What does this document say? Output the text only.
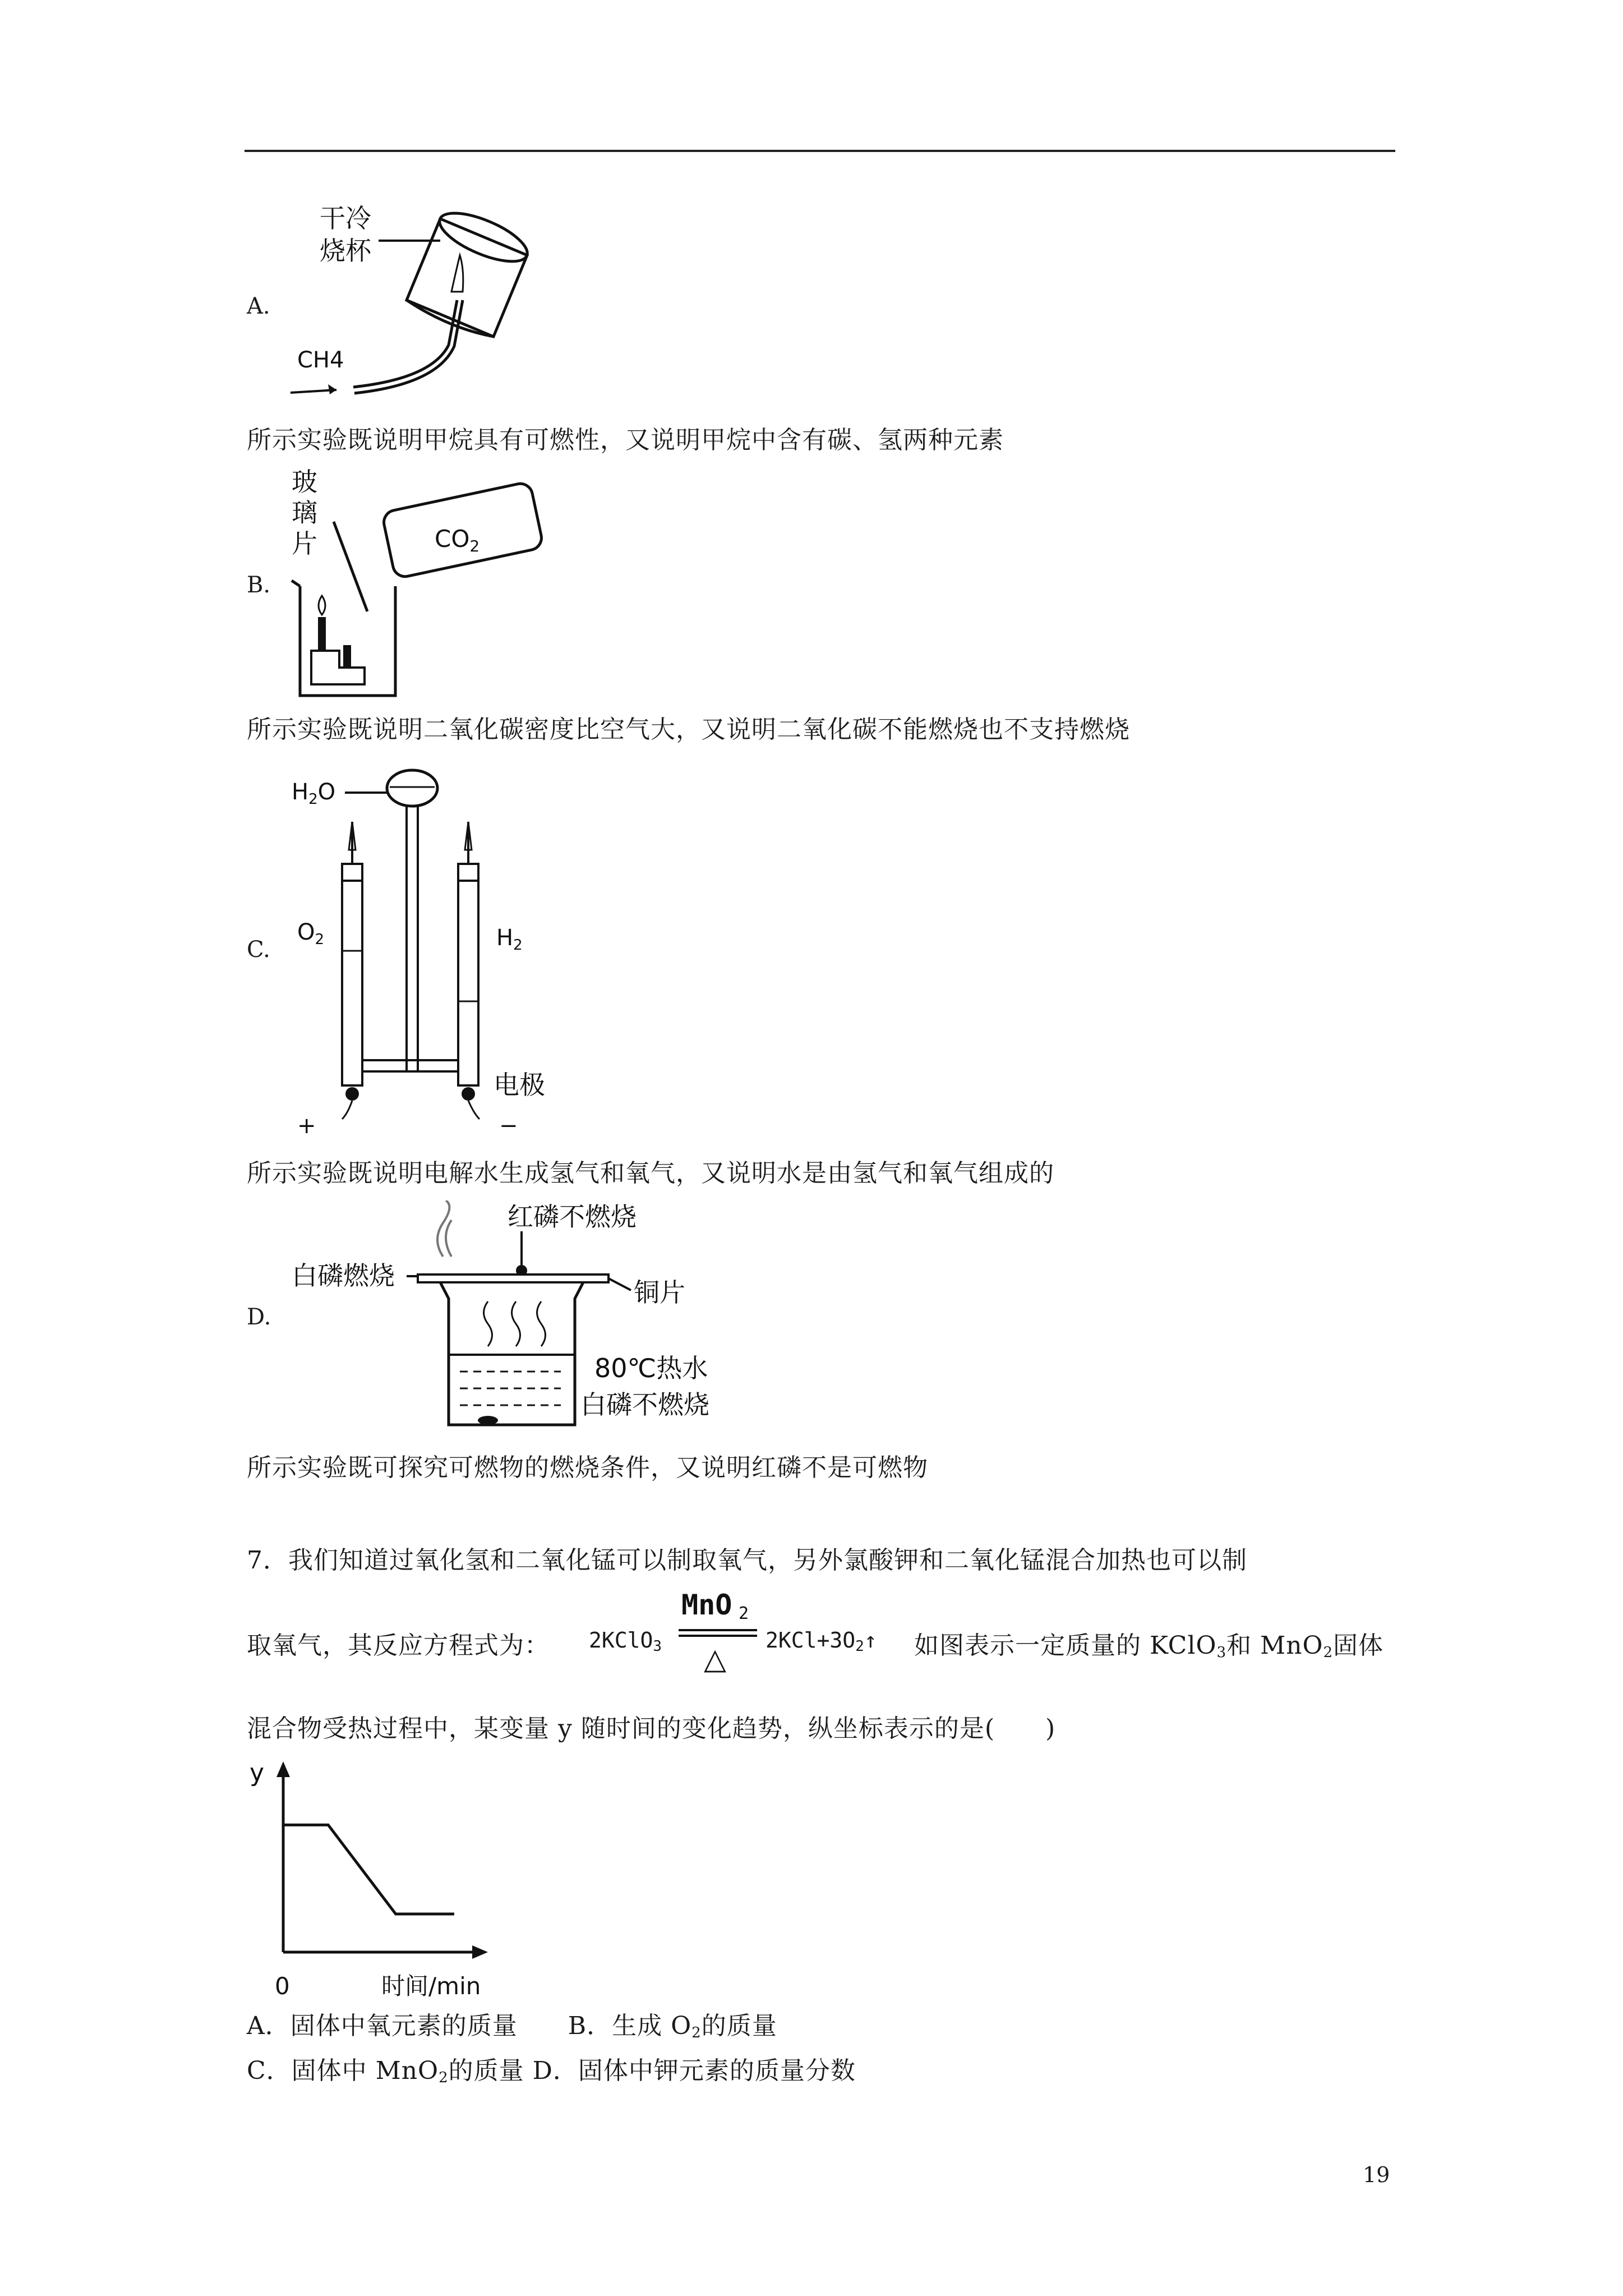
A.
干冷
烧杯
CH4
所示实验既说明甲烷具有可燃性，又说明甲烷中含有碳、氢两种元素
B.
玻
璃
片	CO2
所示实验既说明二氧化碳密度比空气大，又说明二氧化碳不能燃烧也不支持燃烧
C.
$H_2O$
$O_2$	$H_2$
电极
+	−
所示实验既说明电解水生成氢气和氧气，又说明水是由氢气和氧气组成的
D.
红磷不燃烧
白磷燃烧
铜片
80℃热水
白磷不燃烧
所示实验既可探究可燃物的燃烧条件，又说明红磷不是可燃物
7．我们知道过氧化氢和二氧化锰可以制取氧气，另外氯酸钾和二氧化锰混合加热也可以制
取氧气，其反应方程式为： 2KClO$_3$
MnO 2
△
$2KCl+3O_2↑$ 如图表示一定质量的 KClO$_3$和 MnO$_2$固体
混合物受热过程中，某变量 y 随时间的变化趋势，纵坐标表示的是(　　)
y
0	时间/min
A．固体中氧元素的质量　　B．生成 $O_2$的质量
C．固体中 MnO$_2$的质量 D．固体中钾元素的质量分数
19
